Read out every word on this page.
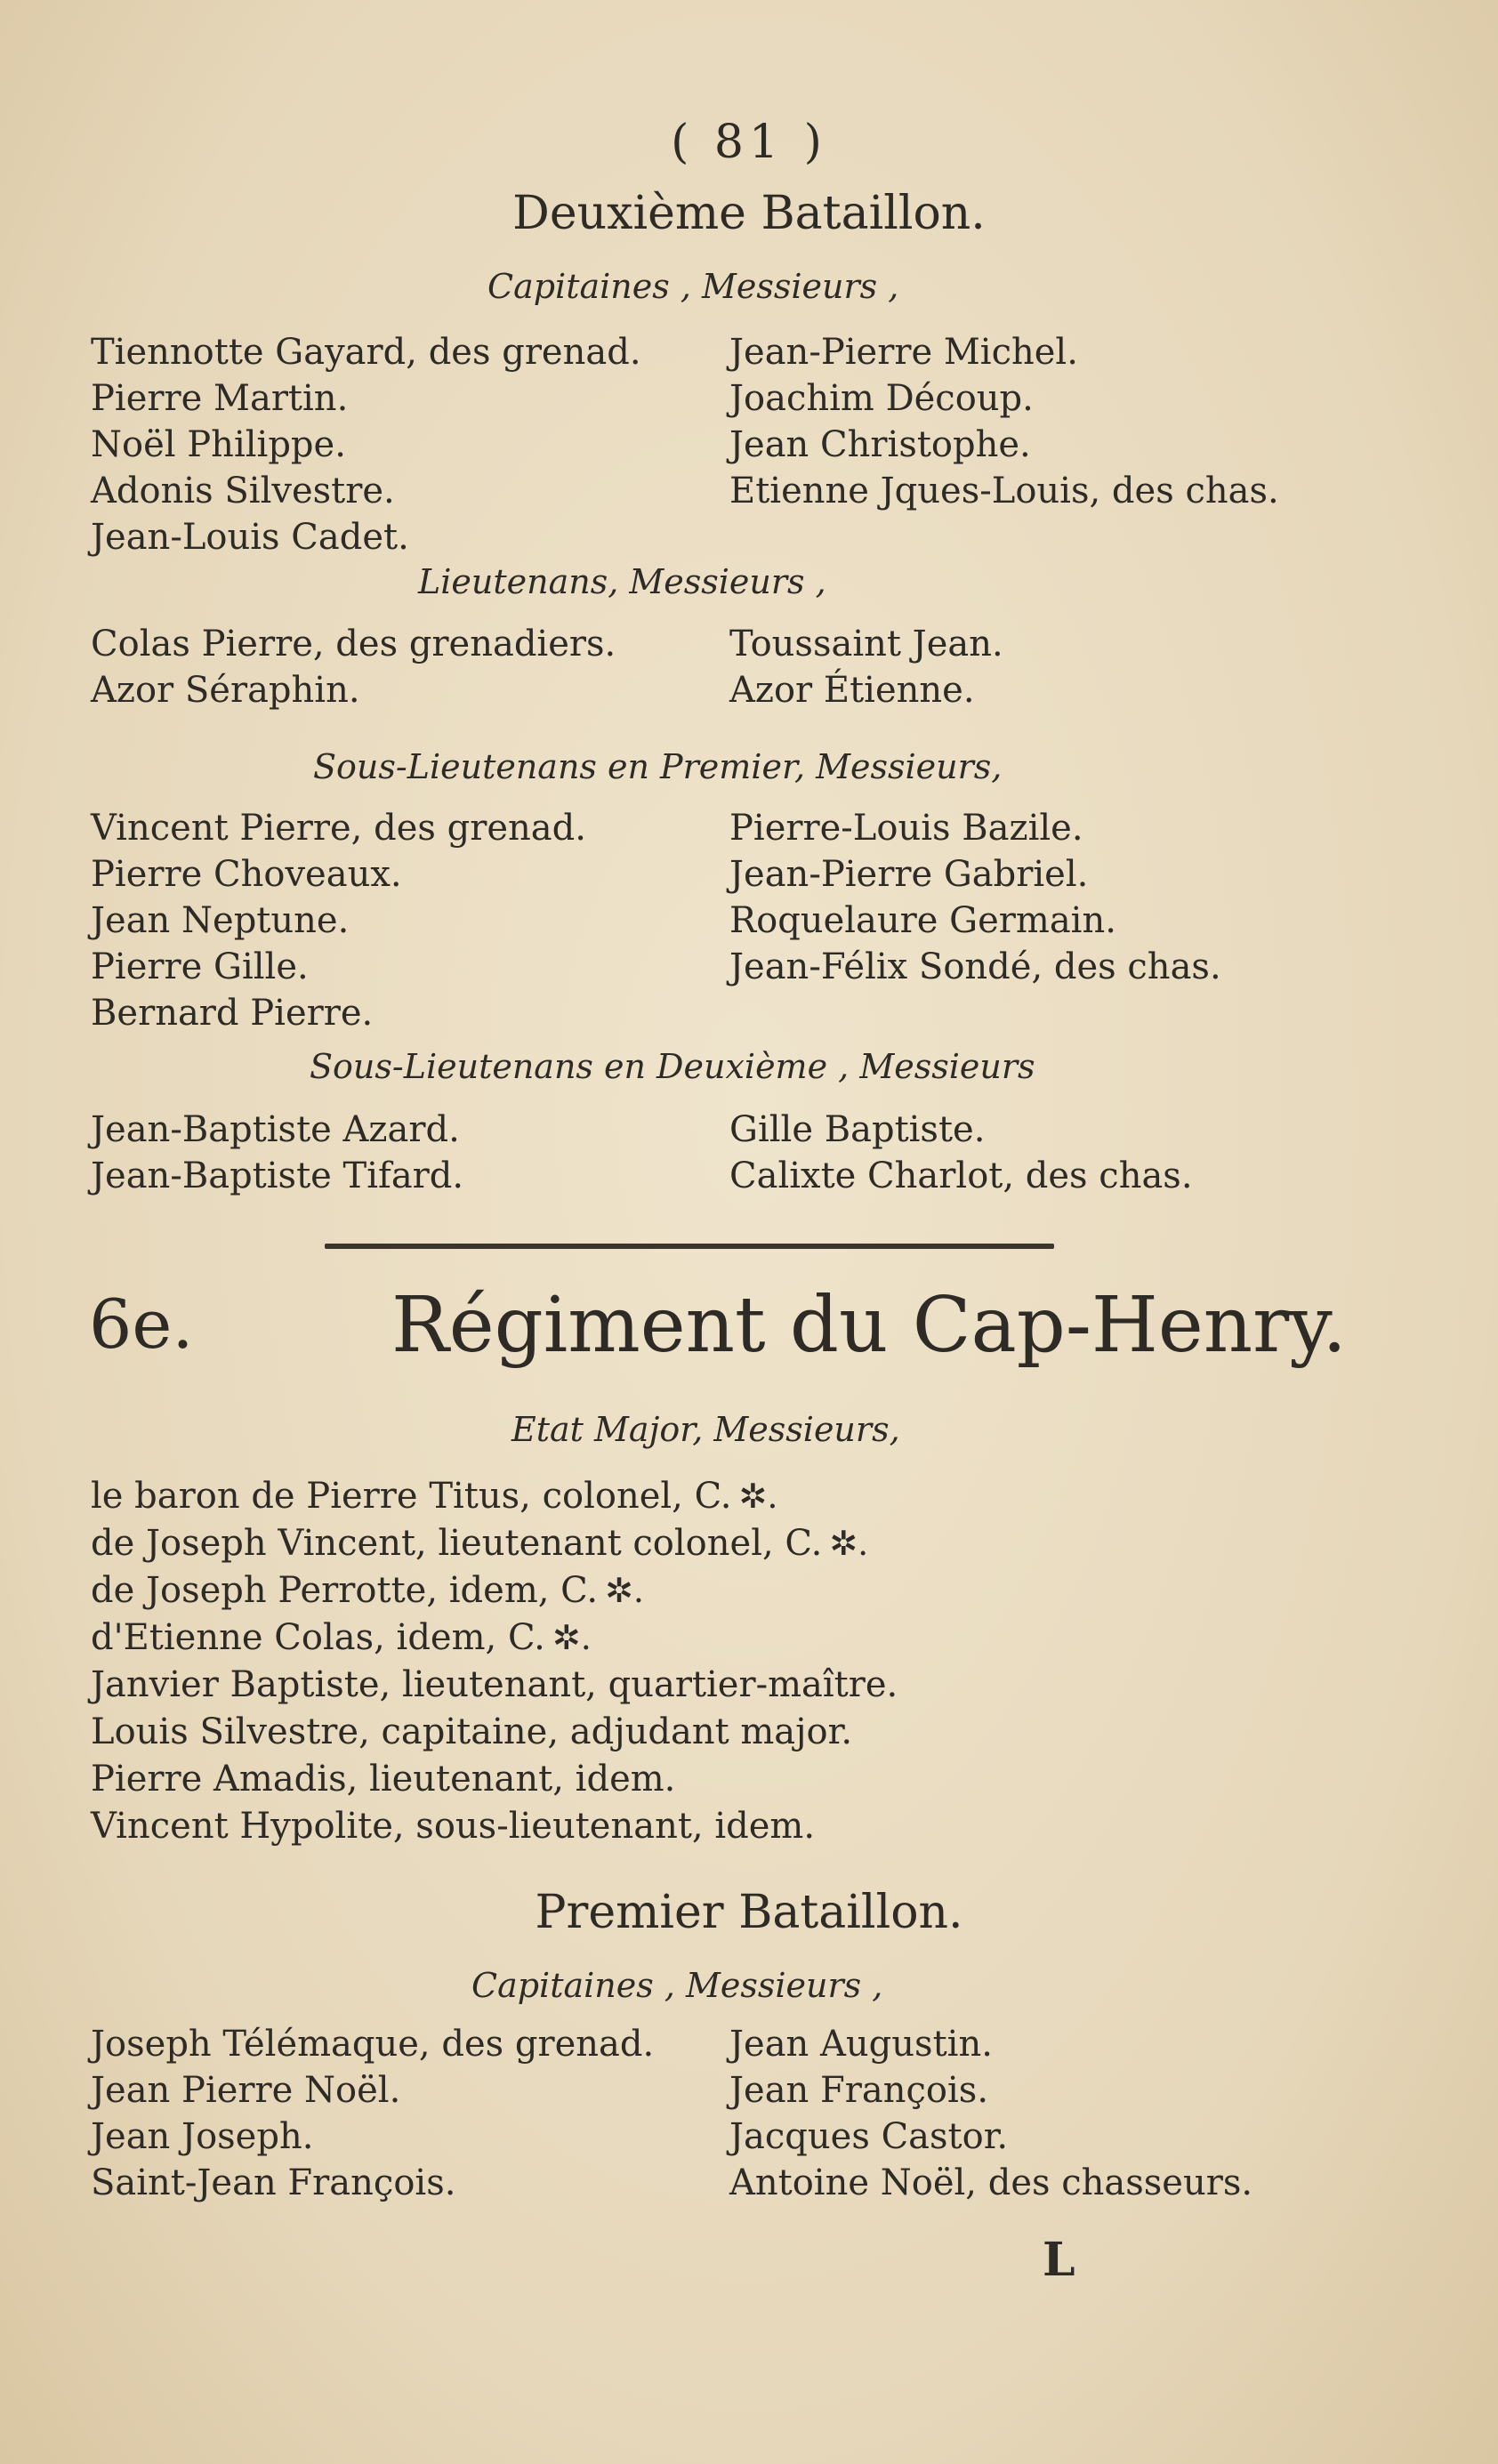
( 81 )
Deuxième Bataillon.
Capitaines , Messieurs ,
Tiennotte Gayard, des grenad.
Pierre Martin.
Noël Philippe.
Adonis Silvestre.
Jean-Louis Cadet.
Jean-Pierre Michel.
Joachim Découp.
Jean Christophe.
Etienne Jques-Louis, des chas.
Lieutenans, Messieurs ,
Colas Pierre, des grenadiers.
Azor Séraphin.
Toussaint Jean.
Azor Étienne.
Sous-Lieutenans en Premier, Messieurs,
Vincent Pierre, des grenad.
Pierre Choveaux.
Jean Neptune.
Pierre Gille.
Bernard Pierre.
Pierre-Louis Bazile.
Jean-Pierre Gabriel.
Roquelaure Germain.
Jean-Félix Sondé, des chas.
Sous-Lieutenans en Deuxième , Messieurs
Jean-Baptiste Azard.
Jean-Baptiste Tifard.
Gille Baptiste.
Calixte Charlot, des chas.
6e.	Régiment du Cap-Henry.
Etat Major, Messieurs,
le baron de Pierre Titus, colonel, C. ✲.
de Joseph Vincent, lieutenant colonel, C. ✲.
de Joseph Perrotte, idem, C. ✲.
d'Etienne Colas, idem, C. ✲.
Janvier Baptiste, lieutenant, quartier-maître.
Louis Silvestre, capitaine, adjudant major.
Pierre Amadis, lieutenant, idem.
Vincent Hypolite, sous-lieutenant, idem.
Premier Bataillon.
Capitaines , Messieurs ,
Joseph Télémaque, des grenad.
Jean Pierre Noël.
Jean Joseph.
Saint-Jean François.
Jean Augustin.
Jean François.
Jacques Castor.
Antoine Noël, des chasseurs.
L
